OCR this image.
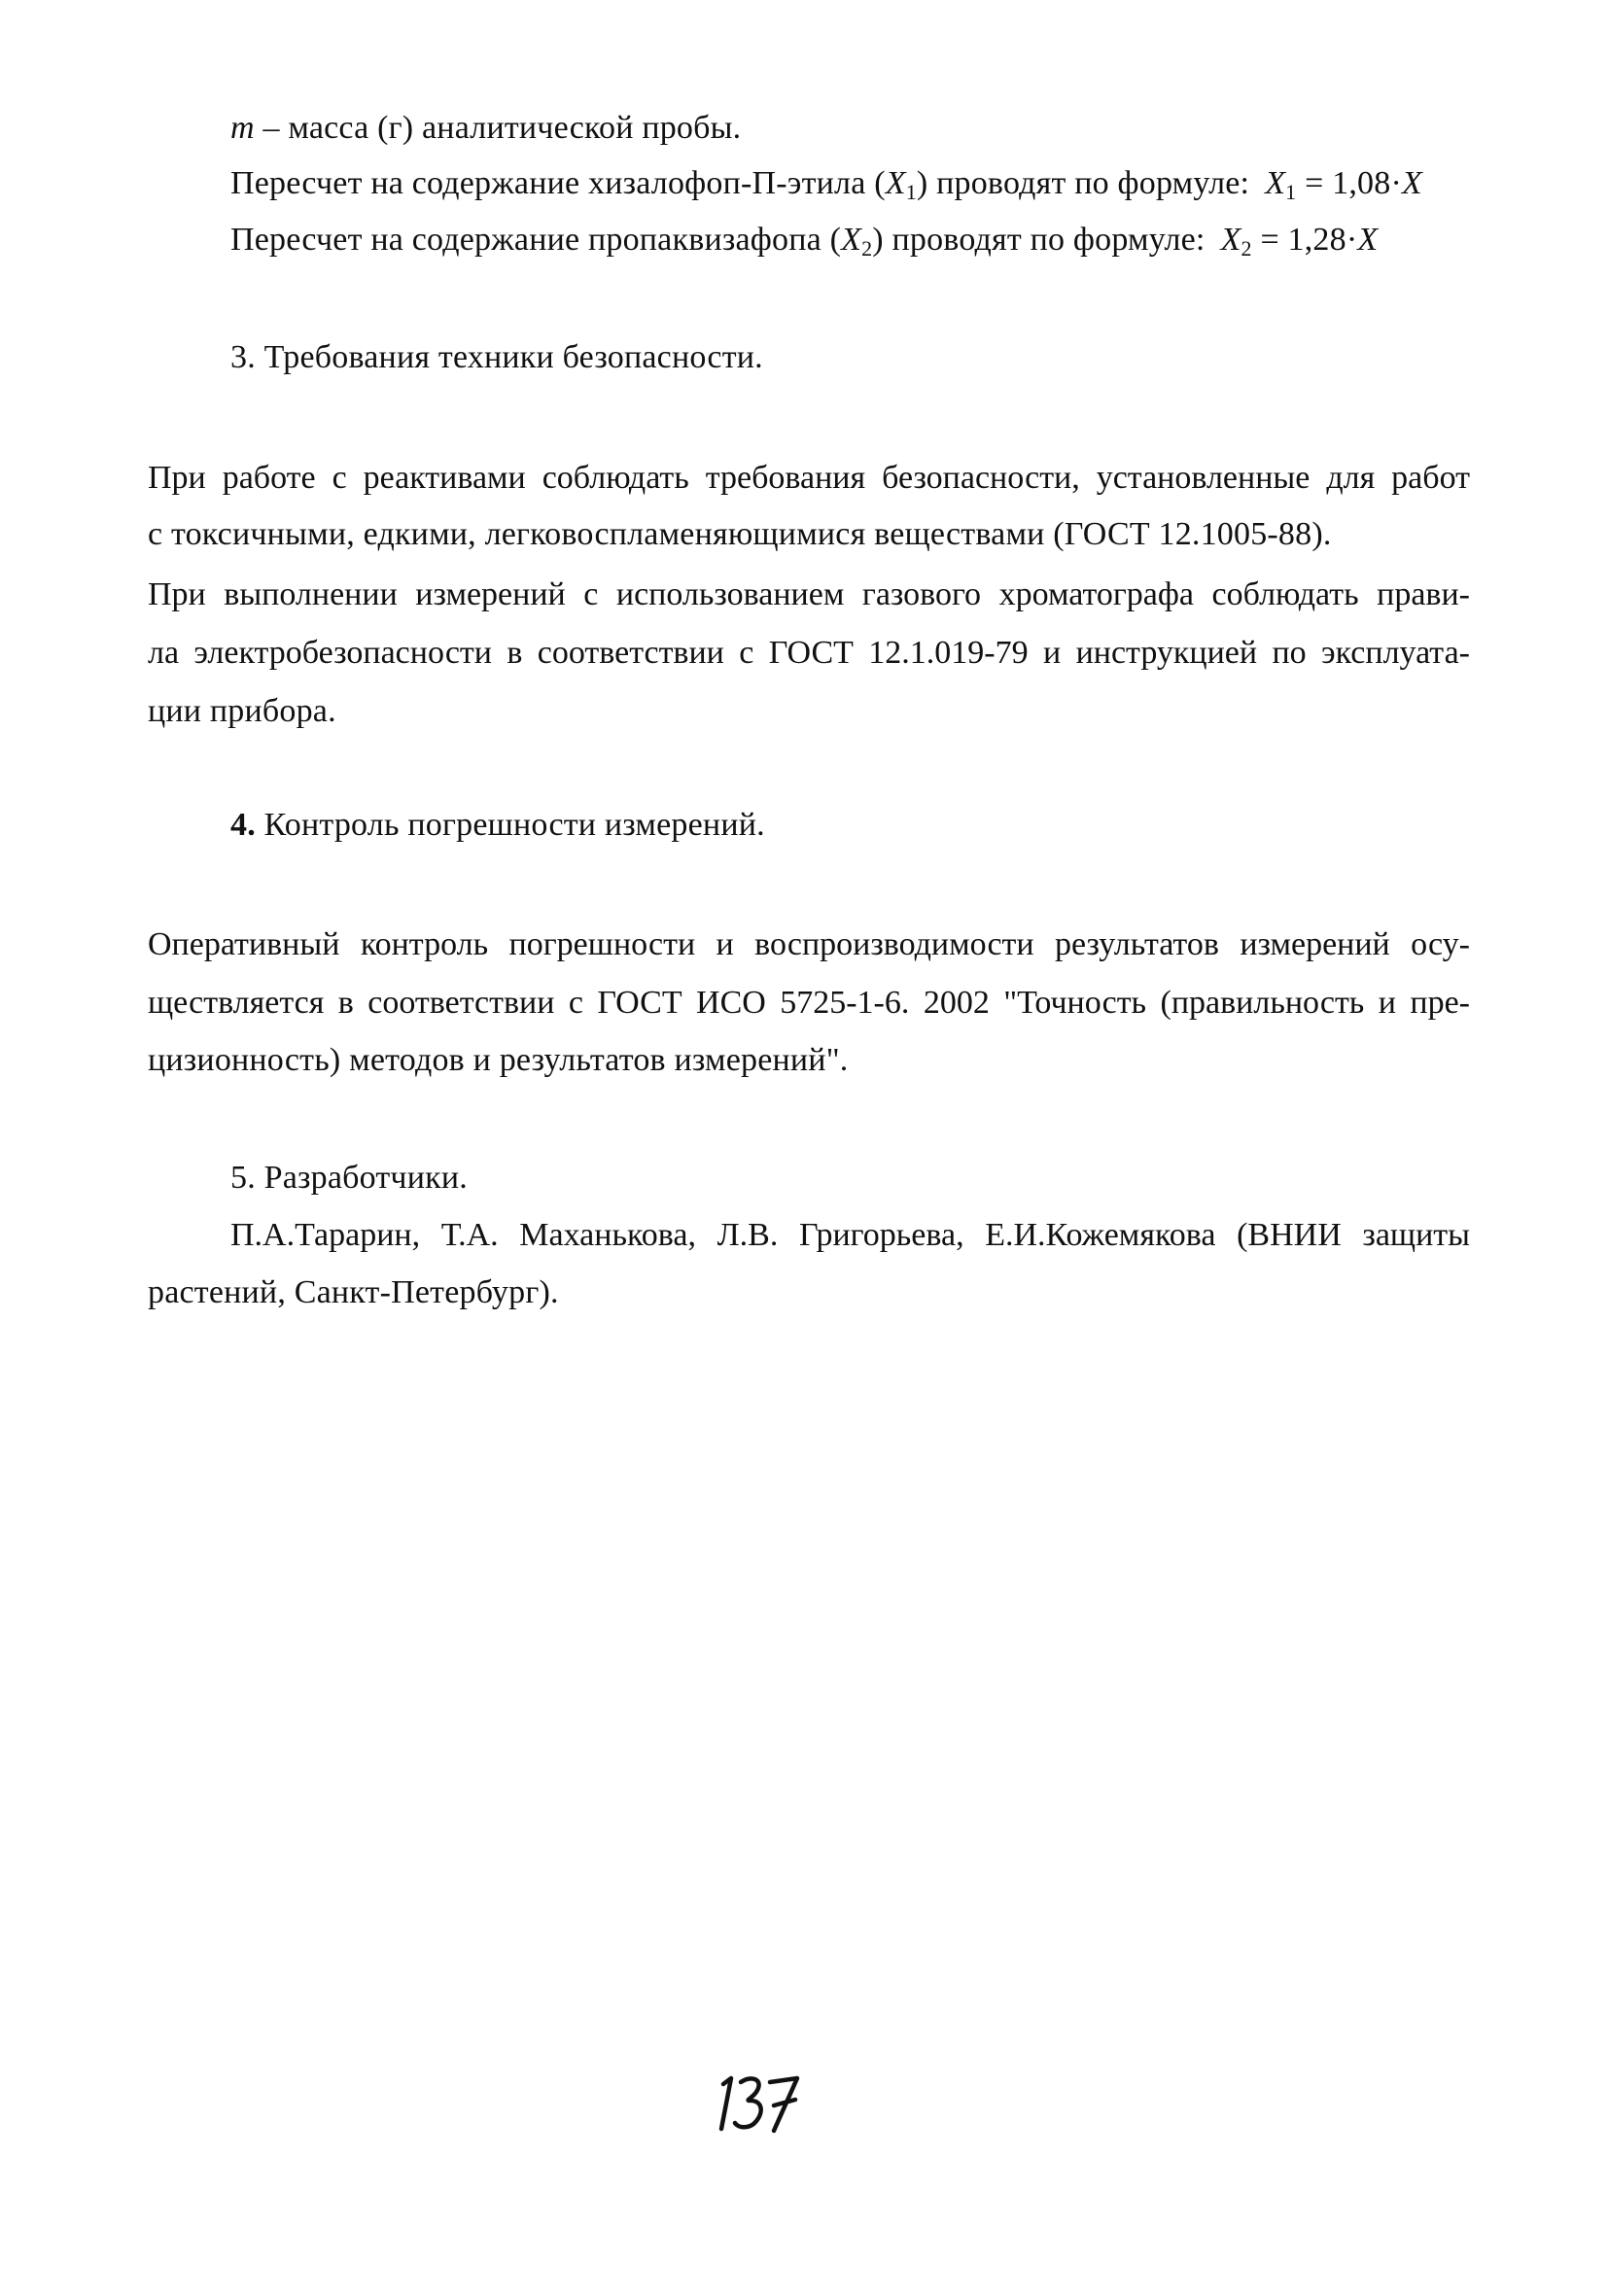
m – масса (г) аналитической пробы.
Пересчет на содержание хизалофоп-П-этила $(X_1)$ проводят по формуле: $X_1 = 1,08\cdot X$
Пересчет на содержание пропаквизафопа $(X_2)$ проводят по формуле: $X_2 = 1,28\cdot X$
3. Требования техники безопасности.
При работе с реактивами соблюдать требования безопасности, установленные для работ
с токсичными, едкими, легковоспламеняющимися веществами (ГОСТ 12.1005-88).
При выполнении измерений с использованием газового хроматографа соблюдать прави-
ла электробезопасности в соответствии с ГОСТ 12.1.019-79 и инструкцией по эксплуата-
ции прибора.
4. Контроль погрешности измерений.
Оперативный контроль погрешности и воспроизводимости результатов измерений осу-
ществляется в соответствии с ГОСТ ИСО 5725-1-6. 2002 "Точность (правильность и пре-
цизионность) методов и результатов измерений".
5. Разработчики.
П.А.Тарарин, Т.А. Маханькова, Л.В. Григорьева, Е.И.Кожемякова (ВНИИ защиты
растений, Санкт-Петербург).
